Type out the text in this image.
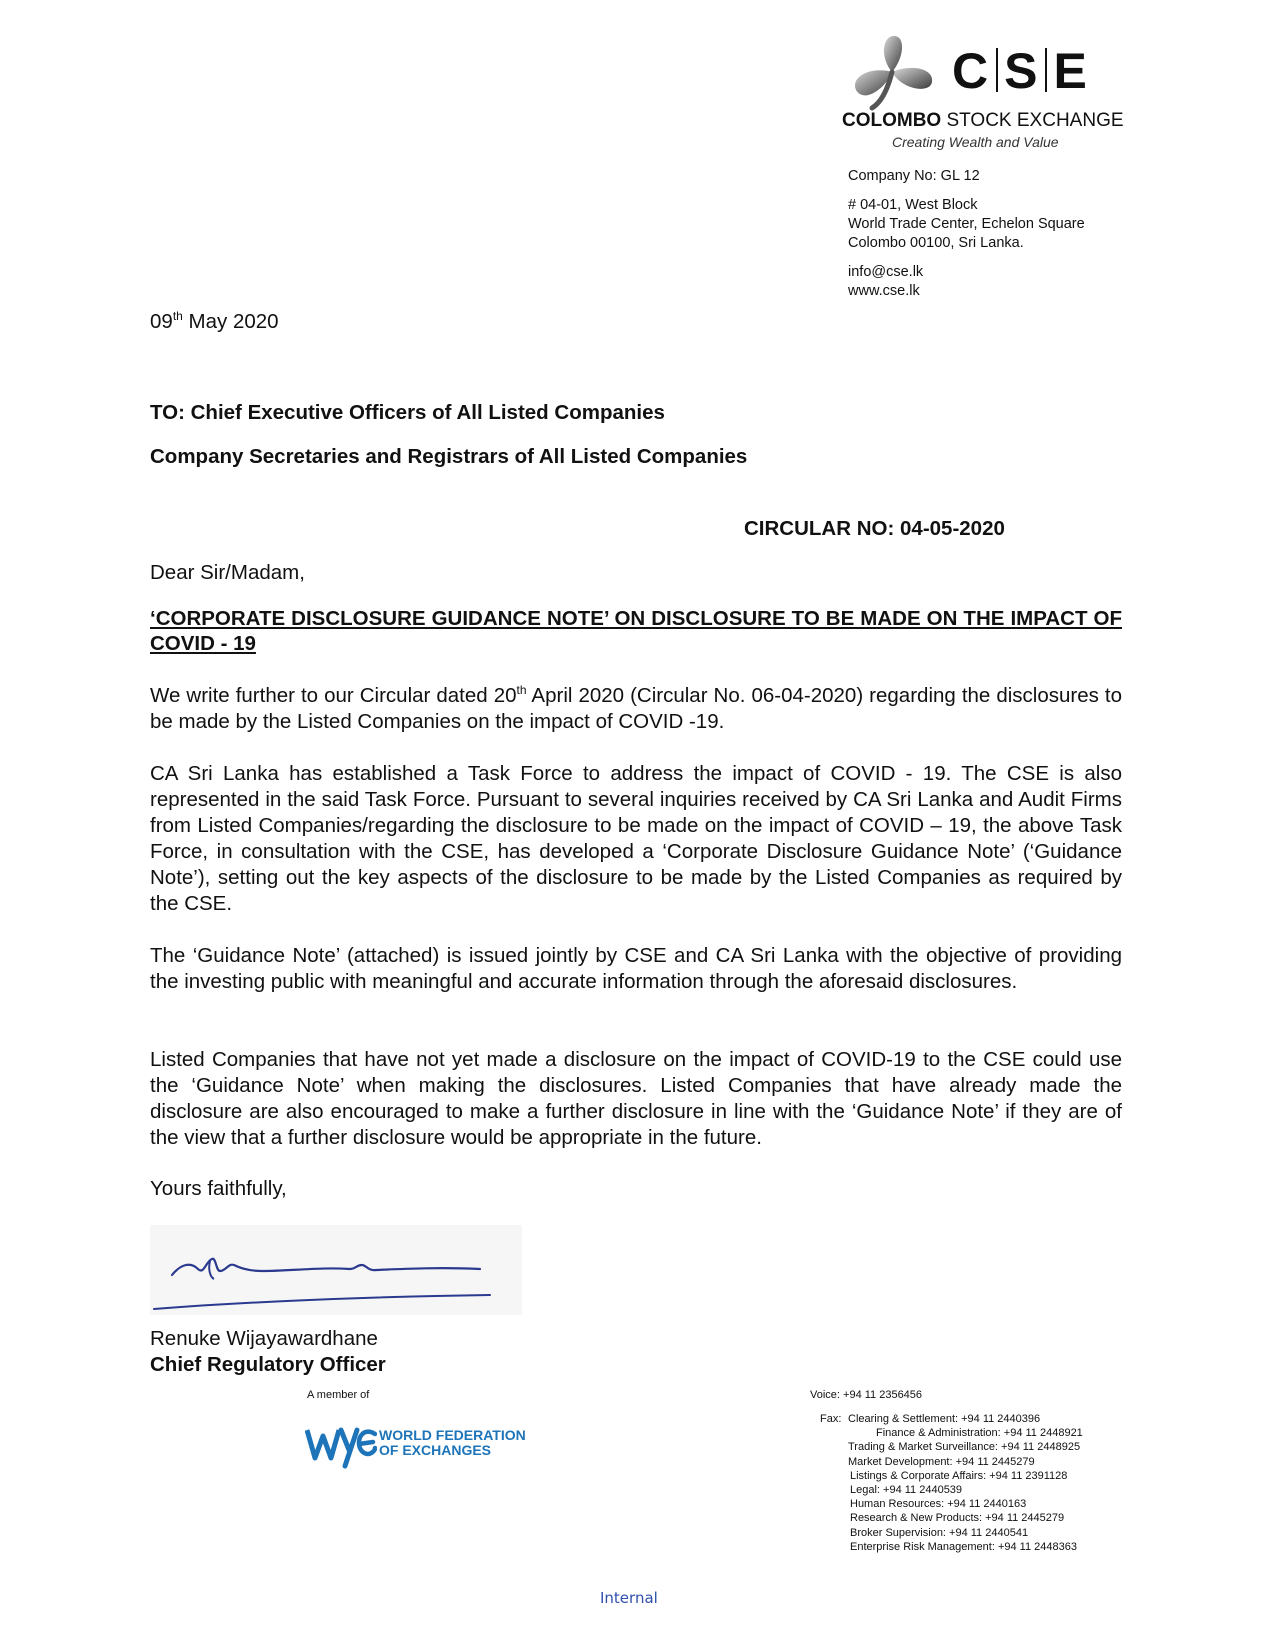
C S E
COLOMBO STOCK EXCHANGE
Creating Wealth and Value
Company No: GL 12
# 04-01, West Block
World Trade Center, Echelon Square
Colombo 00100, Sri Lanka.
info@cse.lk
www.cse.lk
09th May 2020
TO: Chief Executive Officers of All Listed Companies
Company Secretaries and Registrars of All Listed Companies
CIRCULAR NO: 04-05-2020
Dear Sir/Madam,
‘CORPORATE DISCLOSURE GUIDANCE NOTE’ ON DISCLOSURE TO BE MADE ON THE IMPACT OF COVID - 19
We write further to our Circular dated 20th April 2020 (Circular No. 06-04-2020) regarding the disclosures to be made by the Listed Companies on the impact of COVID -19.
CA Sri Lanka has established a Task Force to address the impact of COVID - 19. The CSE is also represented in the said Task Force. Pursuant to several inquiries received by CA Sri Lanka and Audit Firms from Listed Companies/regarding the disclosure to be made on the impact of COVID – 19, the above Task Force, in consultation with the CSE, has developed a ‘Corporate Disclosure Guidance Note’ (‘Guidance Note’), setting out the key aspects of the disclosure to be made by the Listed Companies as required by the CSE.
The ‘Guidance Note’ (attached) is issued jointly by CSE and CA Sri Lanka with the objective of providing the investing public with meaningful and accurate information through the aforesaid disclosures.
Listed Companies that have not yet made a disclosure on the impact of COVID-19 to the CSE could use the ‘Guidance Note’ when making the disclosures. Listed Companies that have already made the disclosure are also encouraged to make a further disclosure in line with the ‘Guidance Note’ if they are of the view that a further disclosure would be appropriate in the future.
Yours faithfully,
Renuke Wijayawardhane
Chief Regulatory Officer
A member of
WORLD FEDERATION
OF EXCHANGES
Voice: +94 11 2356456
Fax: Clearing & Settlement: +94 11 2440396
Finance & Administration: +94 11 2448921
Trading & Market Surveillance: +94 11 2448925
Market Development: +94 11 2445279
Listings & Corporate Affairs: +94 11 2391128
Legal: +94 11 2440539
Human Resources: +94 11 2440163
Research & New Products: +94 11 2445279
Broker Supervision: +94 11 2440541
Enterprise Risk Management: +94 11 2448363
Internal
